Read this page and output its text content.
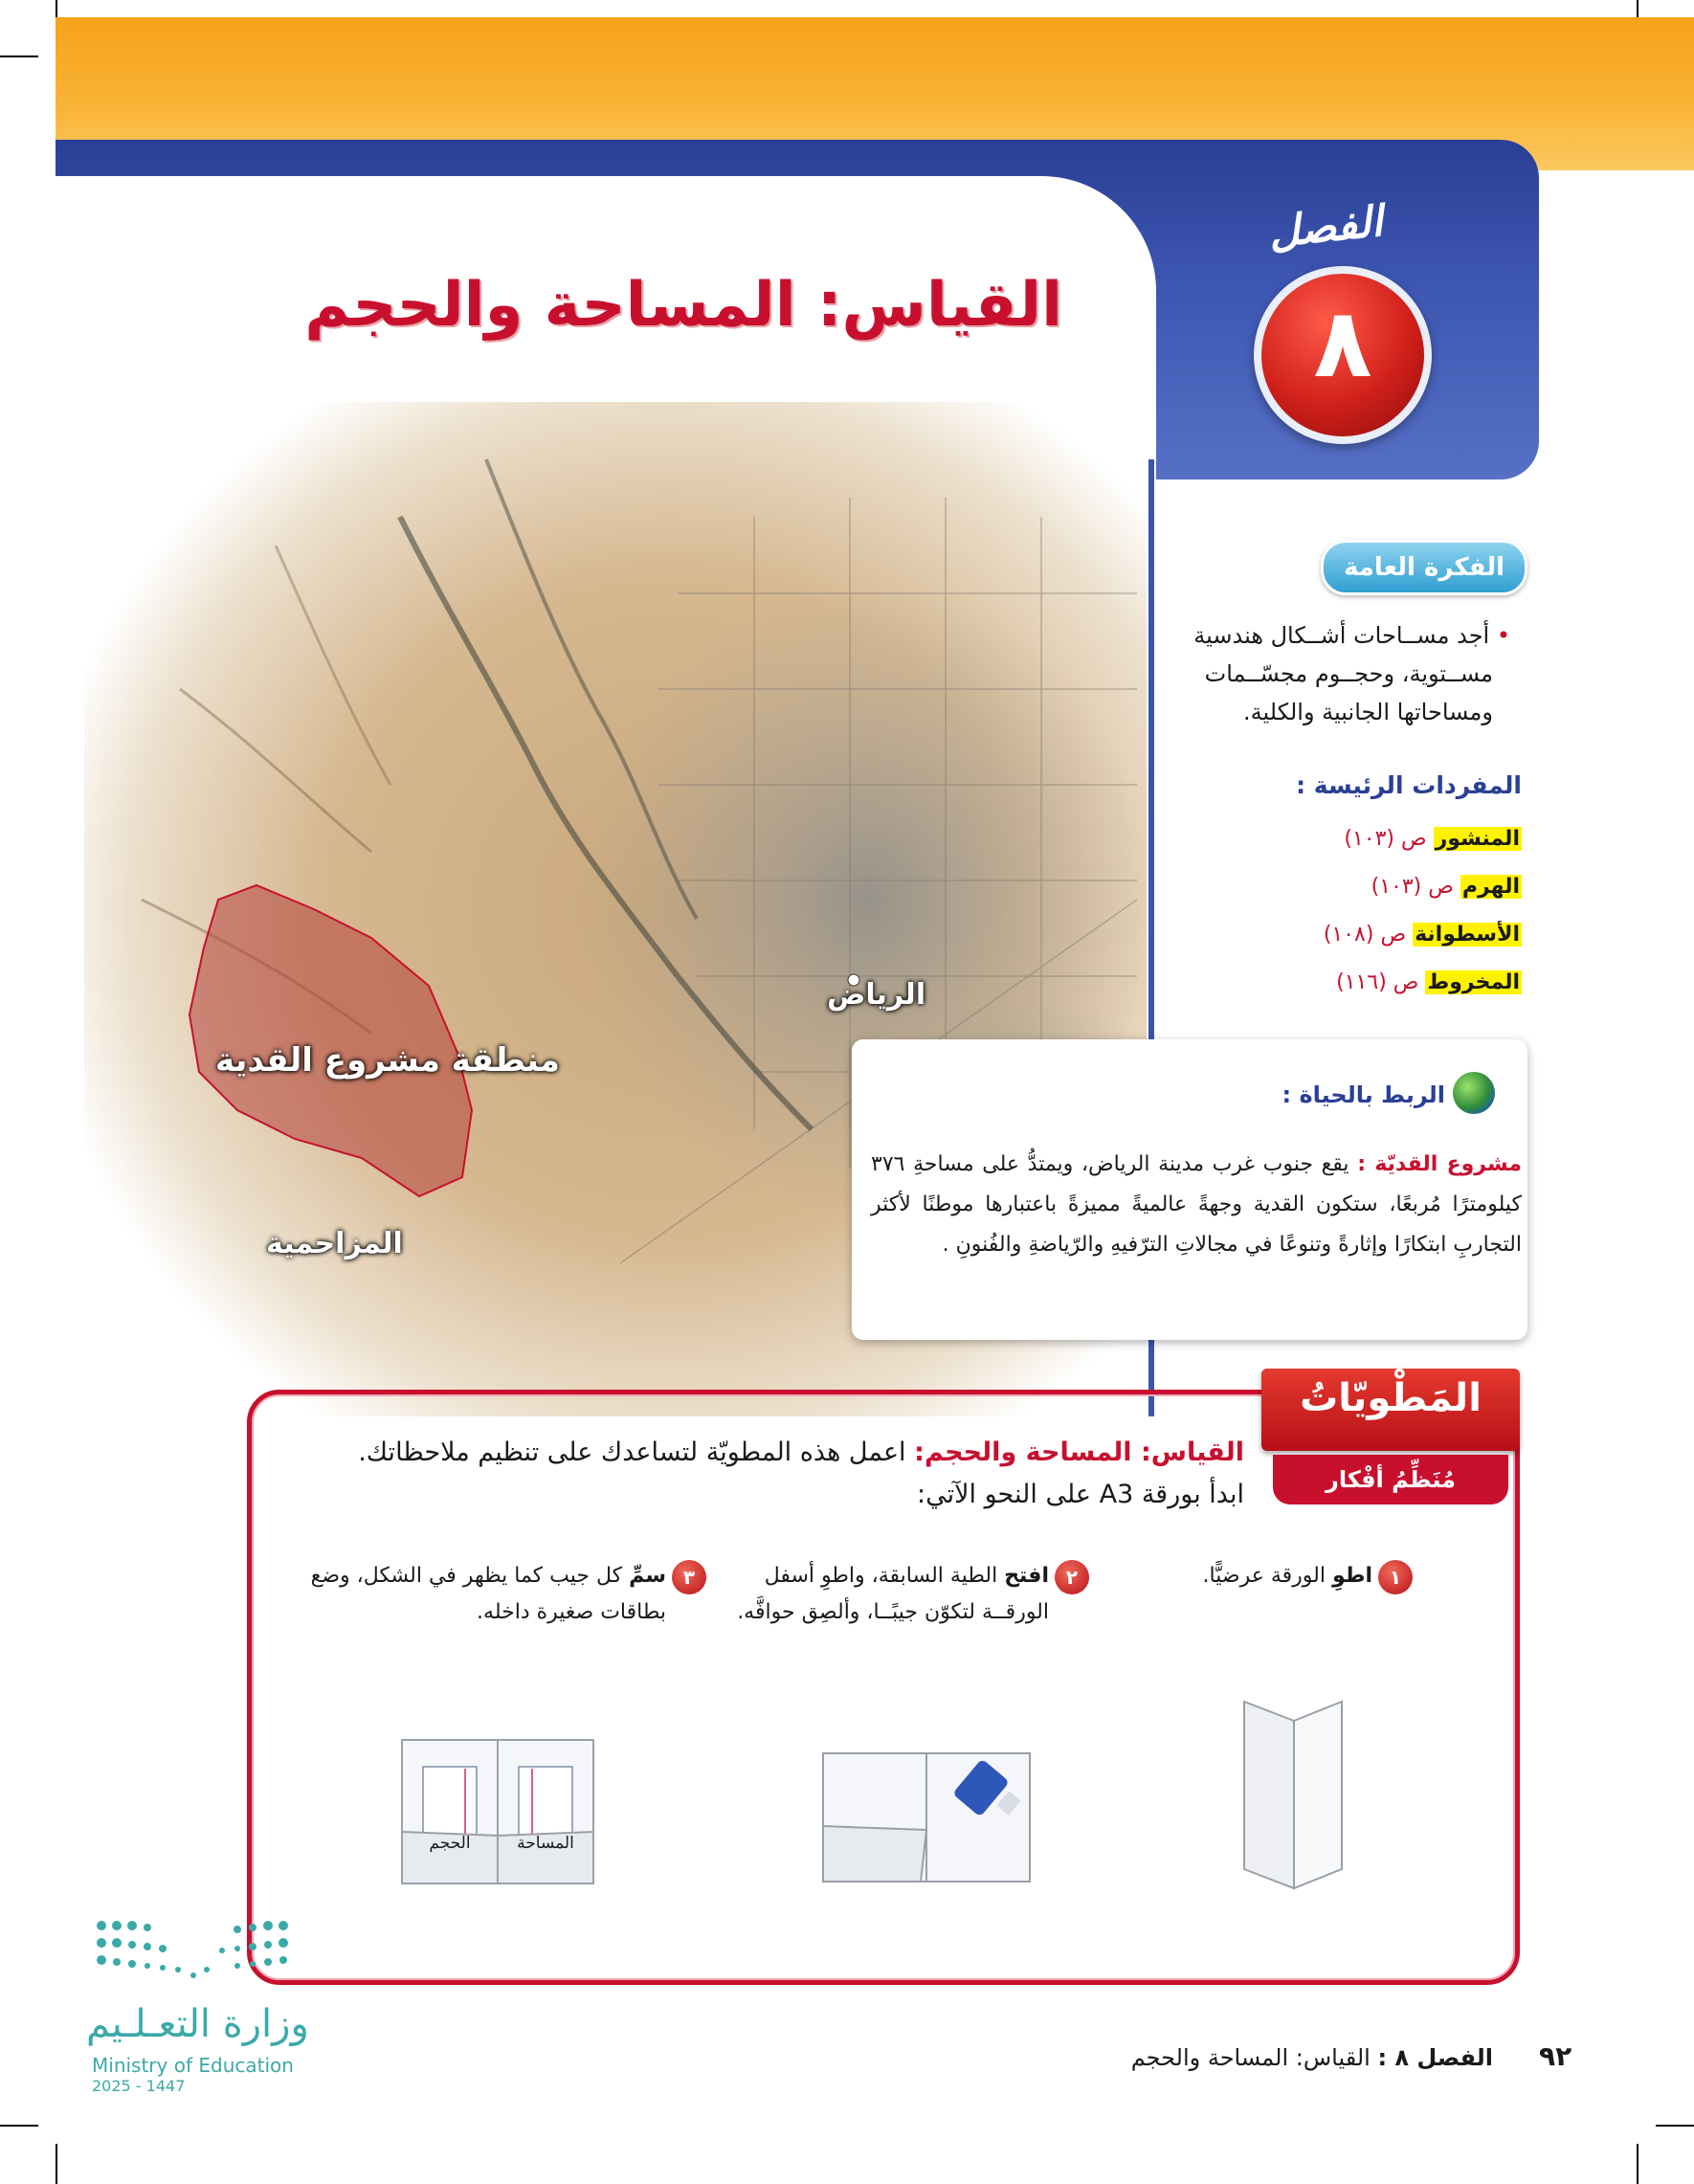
منطقة مشروع القدية
الرياض
المزاحمية
القياس: المساحة والحجم
الفصل
٨
الفكرة العامة
• أجد مســاحات أشــكال هندسية
مســتوية، وحجــوم مجسّــمات
ومساحاتها الجانبية والكلية.
المفردات الرئيسة :
المنشور ص (١٠٣)
الهرم ص (١٠٣)
الأسطوانة ص (١٠٨)
المخروط ص (١١٦)
الربط بالحياة :
مشروع القديّة : يقع جنوب غرب مدينة الرياض، ويمتدُّ على مساحةِ ٣٧٦ كيلومترًا مُربعًا، ستكون القدية وجهةً عالميةً مميزةً باعتبارها موطنًا لأكثر التجاربِ ابتكارًا وإثارةً وتنوعًا في مجالاتِ الترّفيهِ والرّياضةِ والفُنونِ .
المَطْويّاتُ
مُنَظِّمُ أفْكار
القياس: المساحة والحجم: اعمل هذه المطويّة لتساعدك على تنظيم ملاحظاتك.
ابدأ بورقة A3 على النحو الآتي:
١
اطوِ الورقة عرضيًّا.
٢
افتح الطية السابقة، واطوِ أسفل الورقــة لتكوّن جيبًــا، وألصِق حوافَّه.
٣
سمِّ كل جيب كما يظهر في الشكل، وضع بطاقات صغيرة داخله.
المساحة
الحجم
وزارة التعـلـيم
Ministry of Education
2025 - 1447
٩٢
الفصل ٨ : القياس: المساحة والحجم
